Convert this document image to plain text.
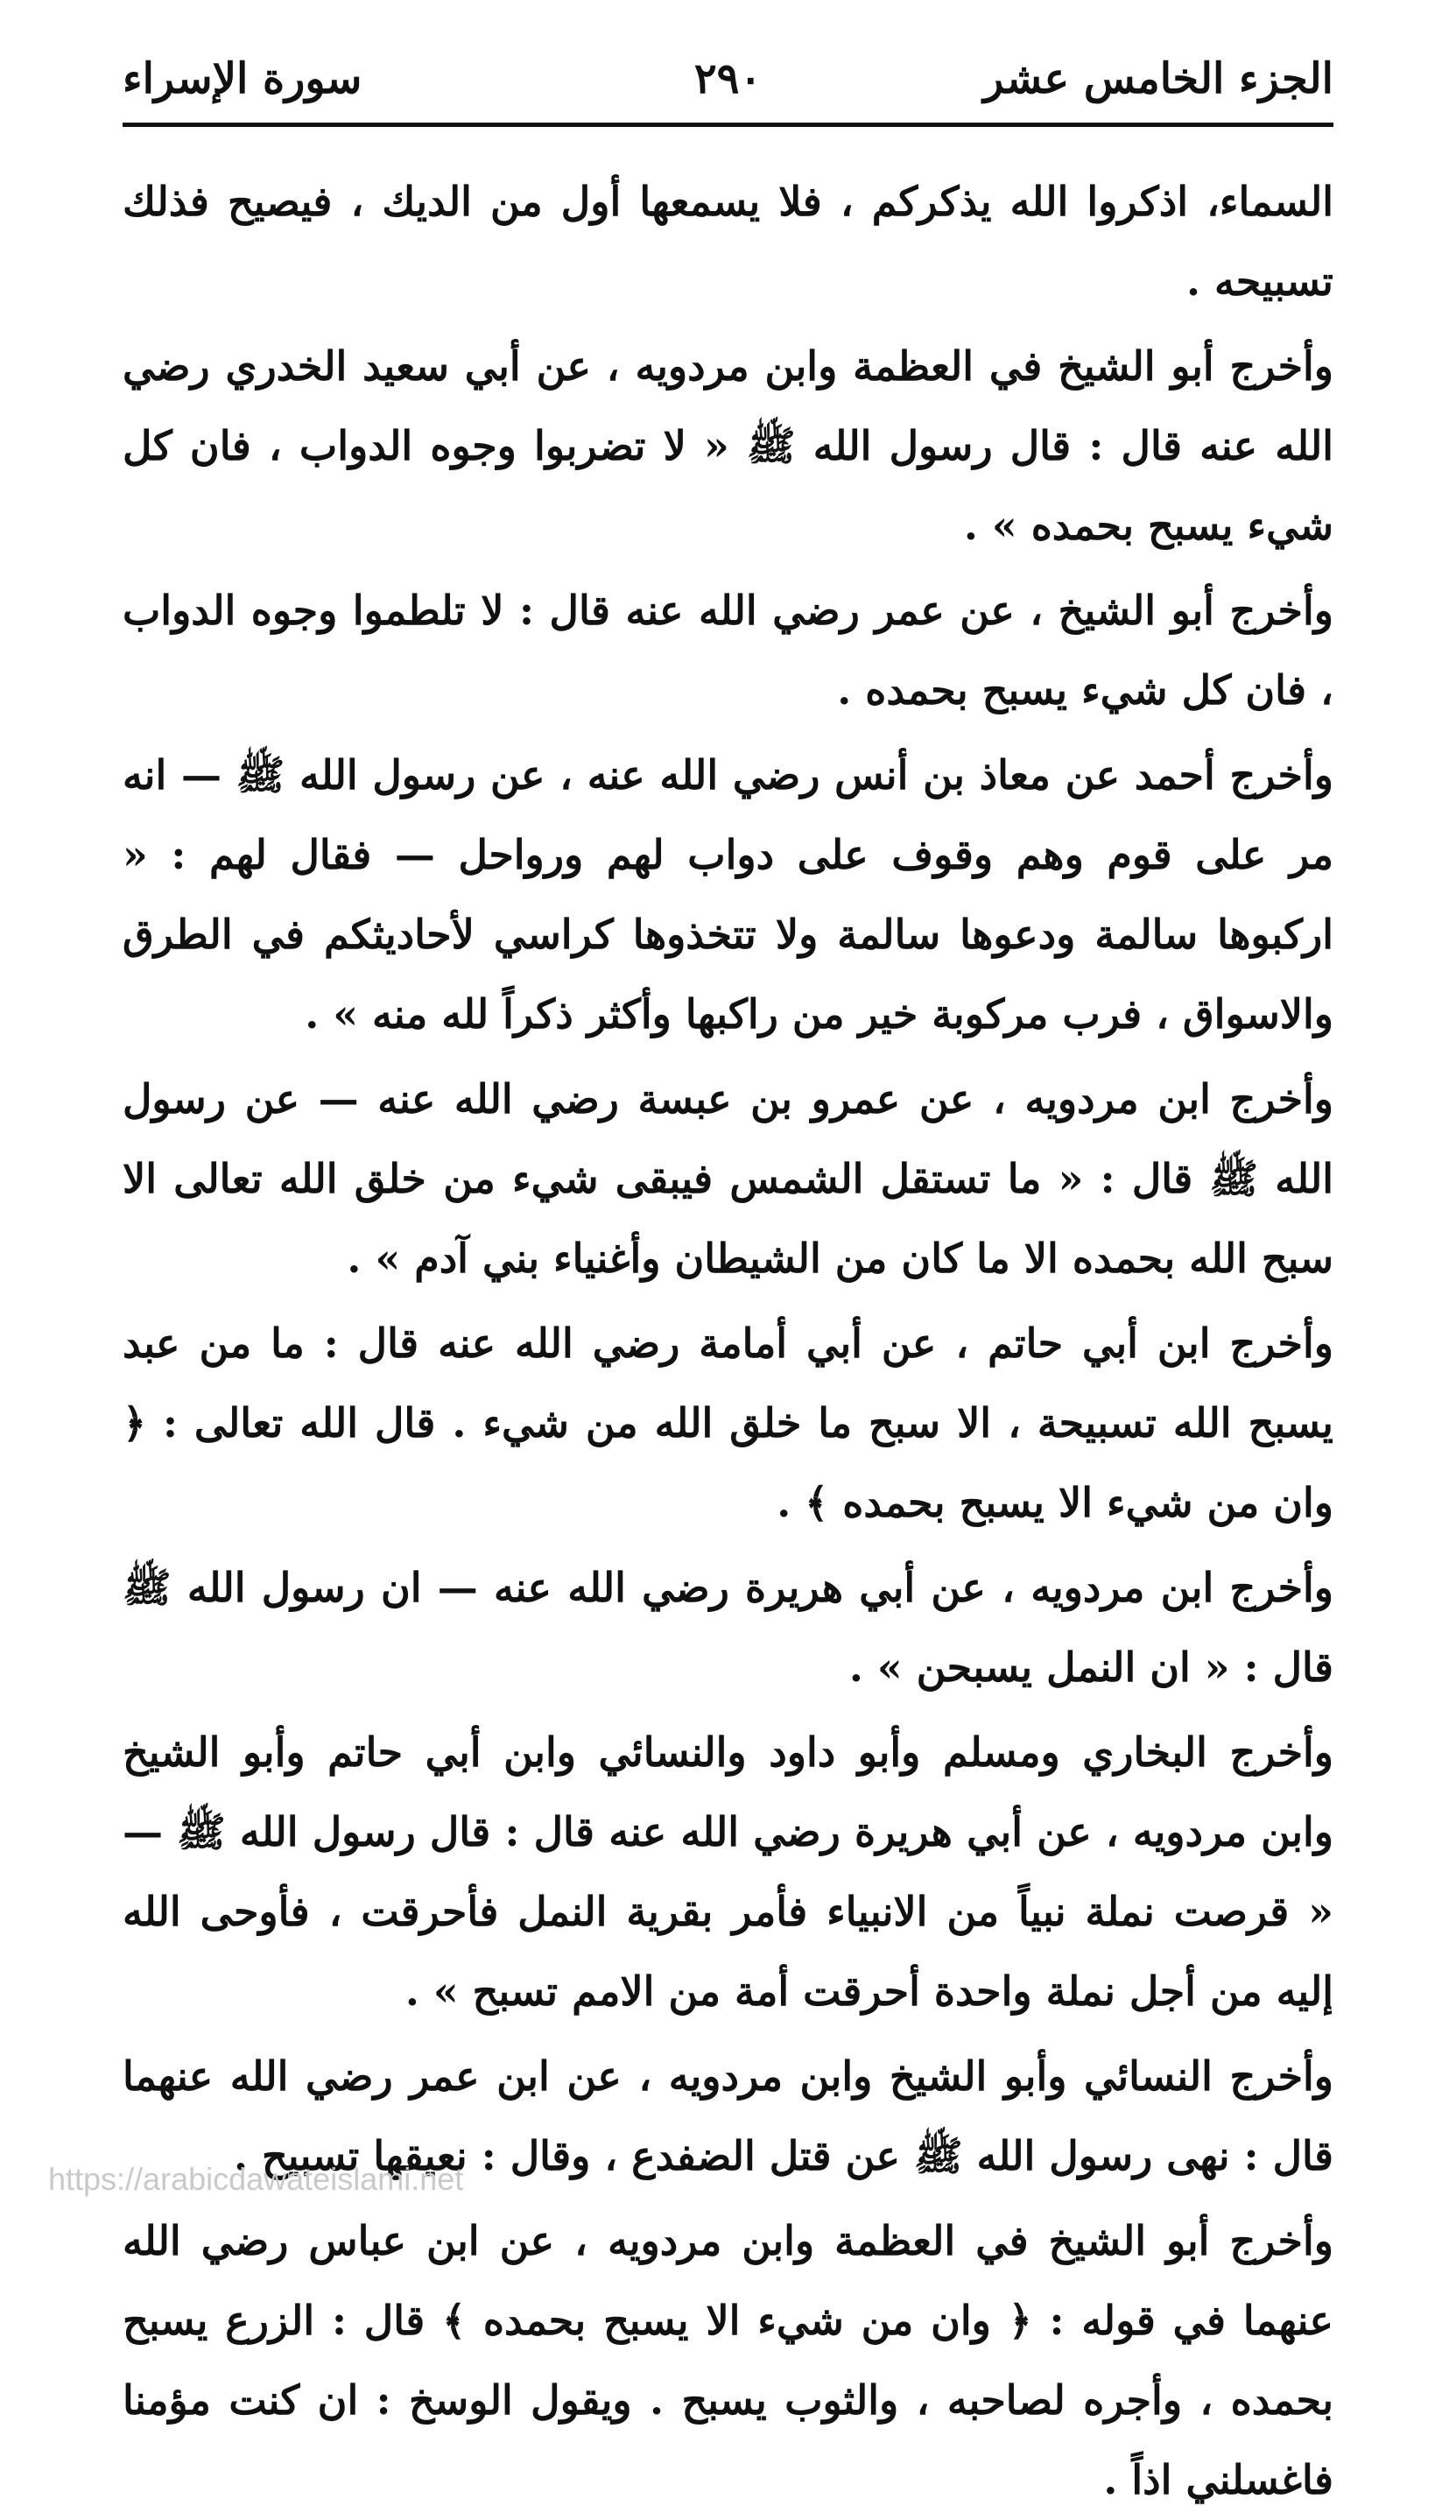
الجزء الخامس عشر
٢٩٠
سورة الإسراء

السماء، اذكروا الله يذكركم ، فلا يسمعها أول من الديك ، فيصيح فذلك تسبيحه .

وأخرج أبو الشيخ في العظمة وابن مردويه ، عن أبي سعيد الخدري رضي الله عنه قال : قال رسول الله ﷺ « لا تضربوا وجوه الدواب ، فان كل شيء يسبح بحمده » .

وأخرج أبو الشيخ ، عن عمر رضي الله عنه قال : لا تلطموا وجوه الدواب ، فان كل شيء يسبح بحمده .

وأخرج أحمد عن معاذ بن أنس رضي الله عنه ، عن رسول الله ﷺ — انه مر على قوم وهم وقوف على دواب لهم ورواحل — فقال لهم : « اركبوها سالمة ودعوها سالمة ولا تتخذوها كراسي لأحاديثكم في الطرق والاسواق ، فرب مركوبة خير من راكبها وأكثر ذكراً لله منه » .

وأخرج ابن مردويه ، عن عمرو بن عبسة رضي الله عنه — عن رسول الله ﷺ قال : « ما تستقل الشمس فيبقى شيء من خلق الله تعالى الا سبح الله بحمده الا ما كان من الشيطان وأغنياء بني آدم » .

وأخرج ابن أبي حاتم ، عن أبي أمامة رضي الله عنه قال : ما من عبد يسبح الله تسبيحة ، الا سبح ما خلق الله من شيء . قال الله تعالى : ﴿ وان من شيء الا يسبح بحمده ﴾ .

وأخرج ابن مردويه ، عن أبي هريرة رضي الله عنه — ان رسول الله ﷺ قال : « ان النمل يسبحن » .

وأخرج البخاري ومسلم وأبو داود والنسائي وابن أبي حاتم وأبو الشيخ وابن مردويه ، عن أبي هريرة رضي الله عنه قال : قال رسول الله ﷺ — « قرصت نملة نبياً من الانبياء فأمر بقرية النمل فأحرقت ، فأوحى الله إليه من أجل نملة واحدة أحرقت أمة من الامم تسبح » .

وأخرج النسائي وأبو الشيخ وابن مردويه ، عن ابن عمر رضي الله عنهما قال : نهى رسول الله ﷺ عن قتل الضفدع ، وقال : نعيقها تسبيح .

وأخرج أبو الشيخ في العظمة وابن مردويه ، عن ابن عباس رضي الله عنهما في قوله : ﴿ وان من شيء الا يسبح بحمده ﴾ قال : الزرع يسبح بحمده ، وأجره لصاحبه ، والثوب يسبح . ويقول الوسخ : ان كنت مؤمنا فاغسلني اذاً .

https://arabicdawateislami.net
